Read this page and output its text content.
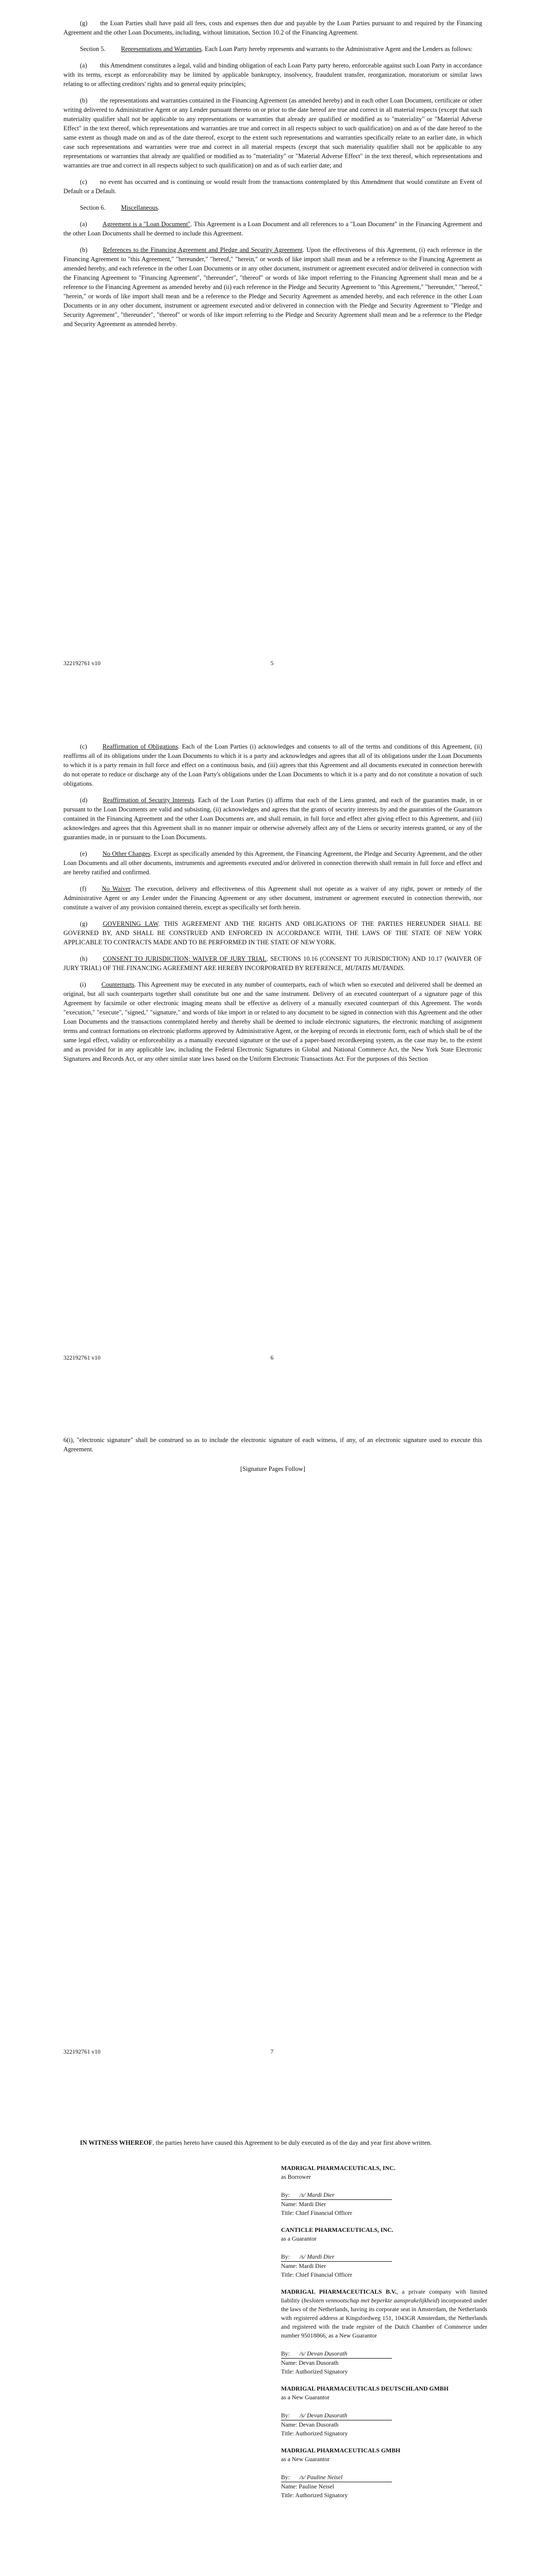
(g)  the Loan Parties shall have paid all fees, costs and expenses then due and payable by the Loan Parties pursuant to and required by the Financing Agreement and the other Loan Documents, including, without limitation, Section 10.2 of the Financing Agreement.

Section 5. Representations and Warranties. Each Loan Party hereby represents and warrants to the Administrative Agent and the Lenders as follows:

(a)  this Amendment constitutes a legal, valid and binding obligation of each Loan Party party hereto, enforceable against such Loan Party in accordance with its terms, except as enforceability may be limited by applicable bankruptcy, insolvency, fraudulent transfer, reorganization, moratorium or similar laws relating to or affecting creditors' rights and to general equity principles;

(b)  the representations and warranties contained in the Financing Agreement (as amended hereby) and in each other Loan Document, certificate or other writing delivered to Administrative Agent or any Lender pursuant thereto on or prior to the date hereof are true and correct in all material respects (except that such materiality qualifier shall not be applicable to any representations or warranties that already are qualified or modified as to "materiality" or "Material Adverse Effect" in the text thereof, which representations and warranties are true and correct in all respects subject to such qualification) on and as of the date hereof to the same extent as though made on and as of the date thereof, except to the extent such representations and warranties specifically relate to an earlier date, in which case such representations and warranties were true and correct in all material respects (except that such materiality qualifier shall not be applicable to any representations or warranties that already are qualified or modified as to "materiality" or "Material Adverse Effect" in the text thereof, which representations and warranties are true and correct in all respects subject to such qualification) on and as of such earlier date; and

(c)  no event has occurred and is continuing or would result from the transactions contemplated by this Amendment that would constitute an Event of Default or a Default.

Section 6. Miscellaneous.

(a) Agreement is a "Loan Document". This Agreement is a Loan Document and all references to a "Loan Document" in the Financing Agreement and the other Loan Documents shall be deemed to include this Agreement.

(b) References to the Financing Agreement and Pledge and Security Agreement. Upon the effectiveness of this Agreement, (i) each reference in the Financing Agreement to "this Agreement," "hereunder," "hereof," "herein," or words of like import shall mean and be a reference to the Financing Agreement as amended hereby, and each reference in the other Loan Documents or in any other document, instrument or agreement executed and/or delivered in connection with the Financing Agreement to "Financing Agreement", "thereunder", "thereof" or words of like import referring to the Financing Agreement shall mean and be a reference to the Financing Agreement as amended hereby and (ii) each reference in the Pledge and Security Agreement to "this Agreement," "hereunder," "hereof," "herein," or words of like import shall mean and be a reference to the Pledge and Security Agreement as amended hereby, and each reference in the other Loan Documents or in any other document, instrument or agreement executed and/or delivered in connection with the Pledge and Security Agreement to "Pledge and Security Agreement", "thereunder", "thereof" or words of like import referring to the Pledge and Security Agreement shall mean and be a reference to the Pledge and Security Agreement as amended hereby.

322192761 v10	5

(c) Reaffirmation of Obligations. Each of the Loan Parties (i) acknowledges and consents to all of the terms and conditions of this Agreement, (ii) reaffirms all of its obligations under the Loan Documents to which it is a party and acknowledges and agrees that all of its obligations under the Loan Documents to which it is a party remain in full force and effect on a continuous basis, and (iii) agrees that this Agreement and all documents executed in connection herewith do not operate to reduce or discharge any of the Loan Party's obligations under the Loan Documents to which it is a party and do not constitute a novation of such obligations.

(d) Reaffirmation of Security Interests. Each of the Loan Parties (i) affirms that each of the Liens granted, and each of the guaranties made, in or pursuant to the Loan Documents are valid and subsisting, (ii) acknowledges and agrees that the grants of security interests by and the guaranties of the Guarantors contained in the Financing Agreement and the other Loan Documents are, and shall remain, in full force and effect after giving effect to this Agreement, and (iii) acknowledges and agrees that this Agreement shall in no manner impair or otherwise adversely affect any of the Liens or security interests granted, or any of the guaranties made, in or pursuant to the Loan Documents.

(e) No Other Changes. Except as specifically amended by this Agreement, the Financing Agreement, the Pledge and Security Agreement, and the other Loan Documents and all other documents, instruments and agreements executed and/or delivered in connection therewith shall remain in full force and effect and are hereby ratified and confirmed.

(f) No Waiver. The execution, delivery and effectiveness of this Agreement shall not operate as a waiver of any right, power or remedy of the Administrative Agent or any Lender under the Financing Agreement or any other document, instrument or agreement executed in connection therewith, nor constitute a waiver of any provision contained therein, except as specifically set forth herein.

(g) GOVERNING LAW. THIS AGREEMENT AND THE RIGHTS AND OBLIGATIONS OF THE PARTIES HEREUNDER SHALL BE GOVERNED BY, AND SHALL BE CONSTRUED AND ENFORCED IN ACCORDANCE WITH, THE LAWS OF THE STATE OF NEW YORK APPLICABLE TO CONTRACTS MADE AND TO BE PERFORMED IN THE STATE OF NEW YORK.

(h) CONSENT TO JURISDICTION; WAIVER OF JURY TRIAL. SECTIONS 10.16 (CONSENT TO JURISDICTION) AND 10.17 (WAIVER OF JURY TRIAL) OF THE FINANCING AGREEMENT ARE HEREBY INCORPORATED BY REFERENCE, MUTATIS MUTANDIS.

(i) Counterparts. This Agreement may be executed in any number of counterparts, each of which when so executed and delivered shall be deemed an original, but all such counterparts together shall constitute but one and the same instrument. Delivery of an executed counterpart of a signature page of this Agreement by facsimile or other electronic imaging means shall be effective as delivery of a manually executed counterpart of this Agreement. The words "execution," "execute", "signed," "signature," and words of like import in or related to any document to be signed in connection with this Agreement and the other Loan Documents and the transactions contemplated hereby and thereby shall be deemed to include electronic signatures, the electronic matching of assignment terms and contract formations on electronic platforms approved by Administrative Agent, or the keeping of records in electronic form, each of which shall be of the same legal effect, validity or enforceability as a manually executed signature or the use of a paper-based recordkeeping system, as the case may be, to the extent and as provided for in any applicable law, including the Federal Electronic Signatures in Global and National Commerce Act, the New York State Electronic Signatures and Records Act, or any other similar state laws based on the Uniform Electronic Transactions Act. For the purposes of this Section

322192761 v10	6

6(i), "electronic signature" shall be construed so as to include the electronic signature of each witness, if any, of an electronic signature used to execute this Agreement.

[Signature Pages Follow]

322192761 v10	7

IN WITNESS WHEREOF, the parties hereto have caused this Agreement to be duly executed as of the day and year first above written.

MADRIGAL PHARMACEUTICALS, INC.
as Borrower
By: /s/ Mardi Dier
Name: Mardi Dier
Title: Chief Financial Officer
CANTICLE PHARMACEUTICALS, INC.
as a Guarantor
By: /s/ Mardi Dier
Name: Mardi Dier
Title: Chief Financial Officer
MADRIGAL PHARMACEUTICALS B.V., a private company with limited liability (besloten vennootschap met beperkte aansprakelijkheid) incorporated under the laws of the Netherlands, having its corporate seat in Amsterdam, the Netherlands with registered address at Kingsfordweg 151, 1043GR Amsterdam, the Netherlands and registered with the trade register of the Dutch Chamber of Commerce under number 95018866, as a New Guarantor
By: /s/ Devan Dusorath
Name: Devan Dusorath
Title: Authorized Signatory
MADRIGAL PHARMACEUTICALS DEUTSCHLAND GMBH
as a New Guarantor
By: /s/ Devan Dusorath
Name: Devan Dusorath
Title: Authorized Signatory
MADRIGAL PHARMACEUTICALS GMBH
as a New Guarantor
By: /s/ Pauline Neisel
Name: Pauline Neisel
Title: Authorized Signatory
